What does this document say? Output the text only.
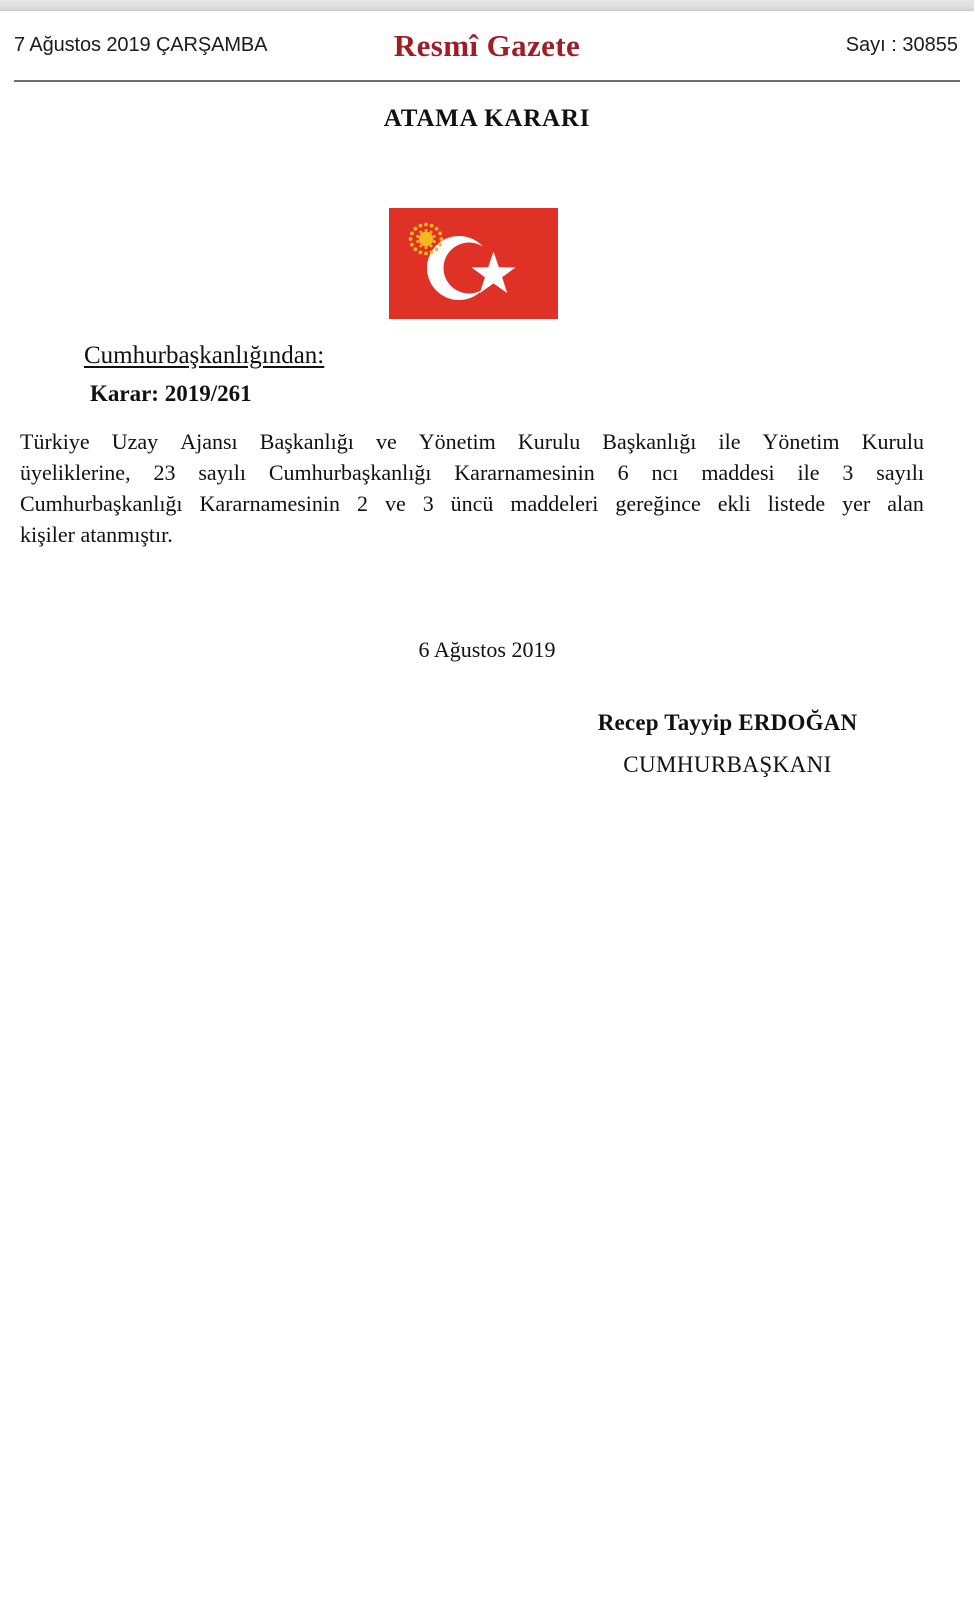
7 Ağustos 2019 ÇARŞAMBA	Resmî Gazete	Sayı : 30855
ATAMA KARARI
Cumhurbaşkanlığından:
Karar: 2019/261
Türkiye Uzay Ajansı Başkanlığı ve Yönetim Kurulu Başkanlığı ile Yönetim Kurulu
üyeliklerine, 23 sayılı Cumhurbaşkanlığı Kararnamesinin 6 ncı maddesi ile 3 sayılı
Cumhurbaşkanlığı Kararnamesinin 2 ve 3 üncü maddeleri gereğince ekli listede yer alan
kişiler atanmıştır.
6 Ağustos 2019
Recep Tayyip ERDOĞAN
CUMHURBAŞKANI
